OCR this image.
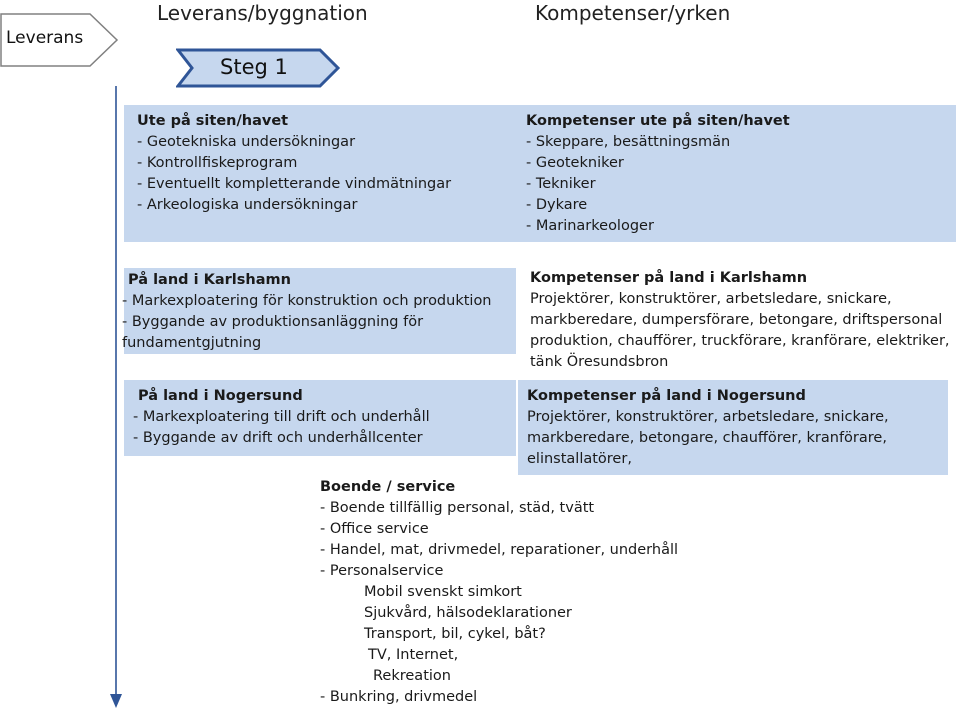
Leverans
Leverans/byggnation	Kompetenser/yrken
Steg 1
Ute på siten/havet
- Geotekniska undersökningar
- Kontrollfiskeprogram
- Eventuellt kompletterande vindmätningar
- Arkeologiska undersökningar
Kompetenser ute på siten/havet
- Skeppare, besättningsmän
- Geotekniker
- Tekniker
- Dykare
- Marinarkeologer
På land i Karlshamn
- Markexploatering för konstruktion och produktion
- Byggande av produktionsanläggning för
fundamentgjutning
Kompetenser på land i Karlshamn
Projektörer, konstruktörer, arbetsledare, snickare,
markberedare, dumpersförare, betongare, driftspersonal
produktion, chaufförer, truckförare, kranförare, elektriker,
tänk Öresundsbron
På land i Nogersund
- Markexploatering till drift och underhåll
- Byggande av drift och underhållcenter
Kompetenser på land i Nogersund
Projektörer, konstruktörer, arbetsledare, snickare,
markberedare, betongare, chaufförer, kranförare,
elinstallatörer,
Boende / service
- Boende tillfällig personal, städ, tvätt
- Office service
- Handel, mat, drivmedel, reparationer, underhåll
- Personalservice
Mobil svenskt simkort
Sjukvård, hälsodeklarationer
Transport, bil, cykel, båt?
TV, Internet,
Rekreation
- Bunkring, drivmedel
